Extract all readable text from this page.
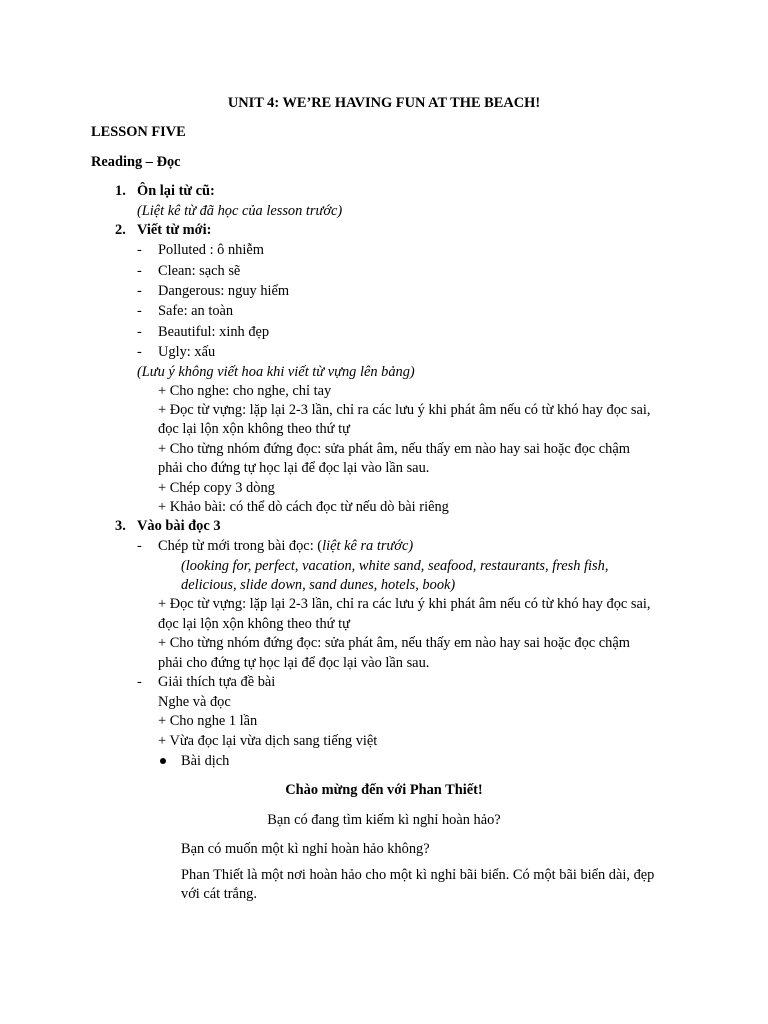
UNIT 4: WE’RE HAVING FUN AT THE BEACH!
LESSON FIVE
Reading – Đọc
1. Ôn lại từ cũ:
(Liệt kê từ đã học của lesson trước)
2. Viết từ mới:
- Polluted : ô nhiễm
- Clean: sạch sẽ
- Dangerous: nguy hiểm
- Safe: an toàn
- Beautiful: xinh đẹp
- Ugly: xấu
(Lưu ý không viết hoa khi viết từ vựng lên bảng)
+ Cho nghe: cho nghe, chỉ tay
+ Đọc từ vựng: lặp lại 2-3 lần, chỉ ra các lưu ý khi phát âm nếu có từ khó hay đọc sai,
đọc lại lộn xộn không theo thứ tự
+ Cho từng nhóm đứng đọc: sửa phát âm, nếu thấy em nào hay sai hoặc đọc chậm
phải cho đứng tự học lại để đọc lại vào lần sau.
+ Chép copy 3 dòng
+ Khảo bài: có thể dò cách đọc từ nếu dò bài riêng
3. Vào bài đọc 3
- Chép từ mới trong bài đọc: (liệt kê ra trước)
(looking for, perfect, vacation, white sand, seafood, restaurants, fresh fish,
delicious, slide down, sand dunes, hotels, book)
+ Đọc từ vựng: lặp lại 2-3 lần, chỉ ra các lưu ý khi phát âm nếu có từ khó hay đọc sai,
đọc lại lộn xộn không theo thứ tự
+ Cho từng nhóm đứng đọc: sửa phát âm, nếu thấy em nào hay sai hoặc đọc chậm
phải cho đứng tự học lại để đọc lại vào lần sau.
- Giải thích tựa đề bài
Nghe và đọc
+ Cho nghe 1 lần
+ Vừa đọc lại vừa dịch sang tiếng việt
Bài dịch
Chào mừng đến với Phan Thiết!
Bạn có đang tìm kiếm kì nghỉ hoàn hảo?
Bạn có muốn một kì nghỉ hoàn hảo không?
Phan Thiết là một nơi hoàn hảo cho một kì nghỉ bãi biển. Có một bãi biển dài, đẹp
với cát trắng.
